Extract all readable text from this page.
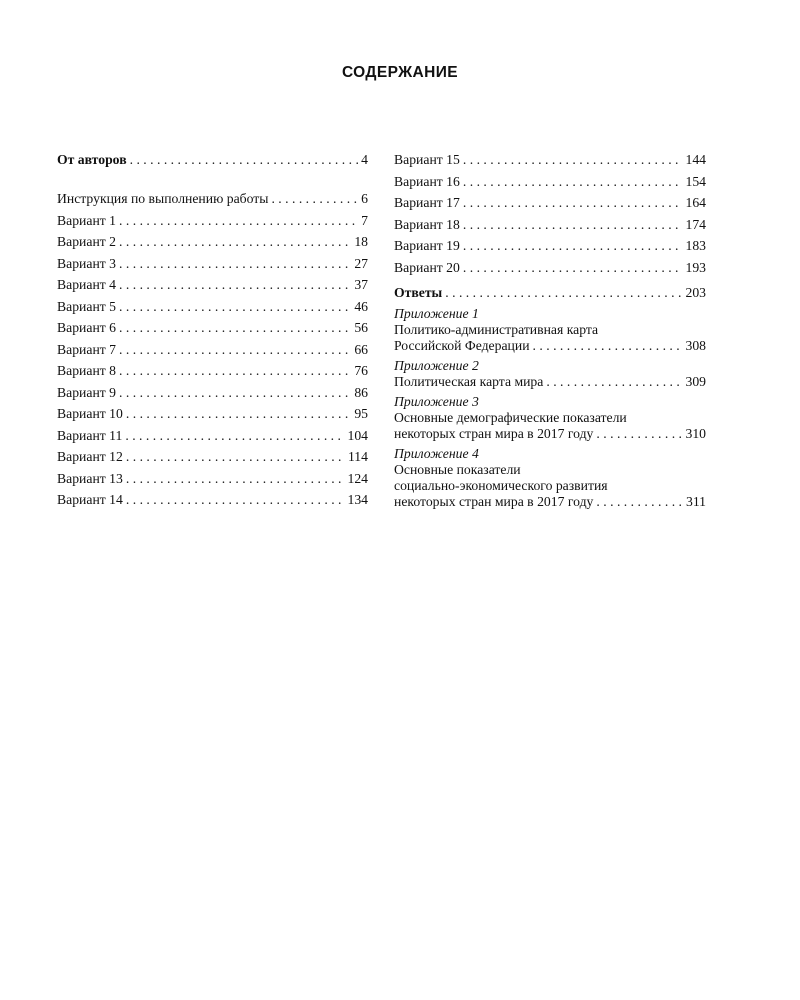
СОДЕРЖАНИЕ
От авторов . . .	4
Инструкция по выполнению работы . . .	6
Вариант 1 . . .	7
Вариант 2 . . .	18
Вариант 3 . . .	27
Вариант 4 . . .	37
Вариант 5 . . .	46
Вариант 6 . . .	56
Вариант 7 . . .	66
Вариант 8 . . .	76
Вариант 9 . . .	86
Вариант 10 . . .	95
Вариант 11 . . .	104
Вариант 12 . . .	114
Вариант 13 . . .	124
Вариант 14 . . .	134
Вариант 15 . . .	144
Вариант 16 . . .	154
Вариант 17 . . .	164
Вариант 18 . . .	174
Вариант 19 . . .	183
Вариант 20 . . .	193
Ответы . . .	203
Приложение 1
Политико-административная карта
Российской Федерации . . .	308
Приложение 2
Политическая карта мира . . .	309
Приложение 3
Основные демографические показатели
некоторых стран мира в 2017 году . . .	310
Приложение 4
Основные показатели
социально-экономического развития
некоторых стран мира в 2017 году . . .	311
